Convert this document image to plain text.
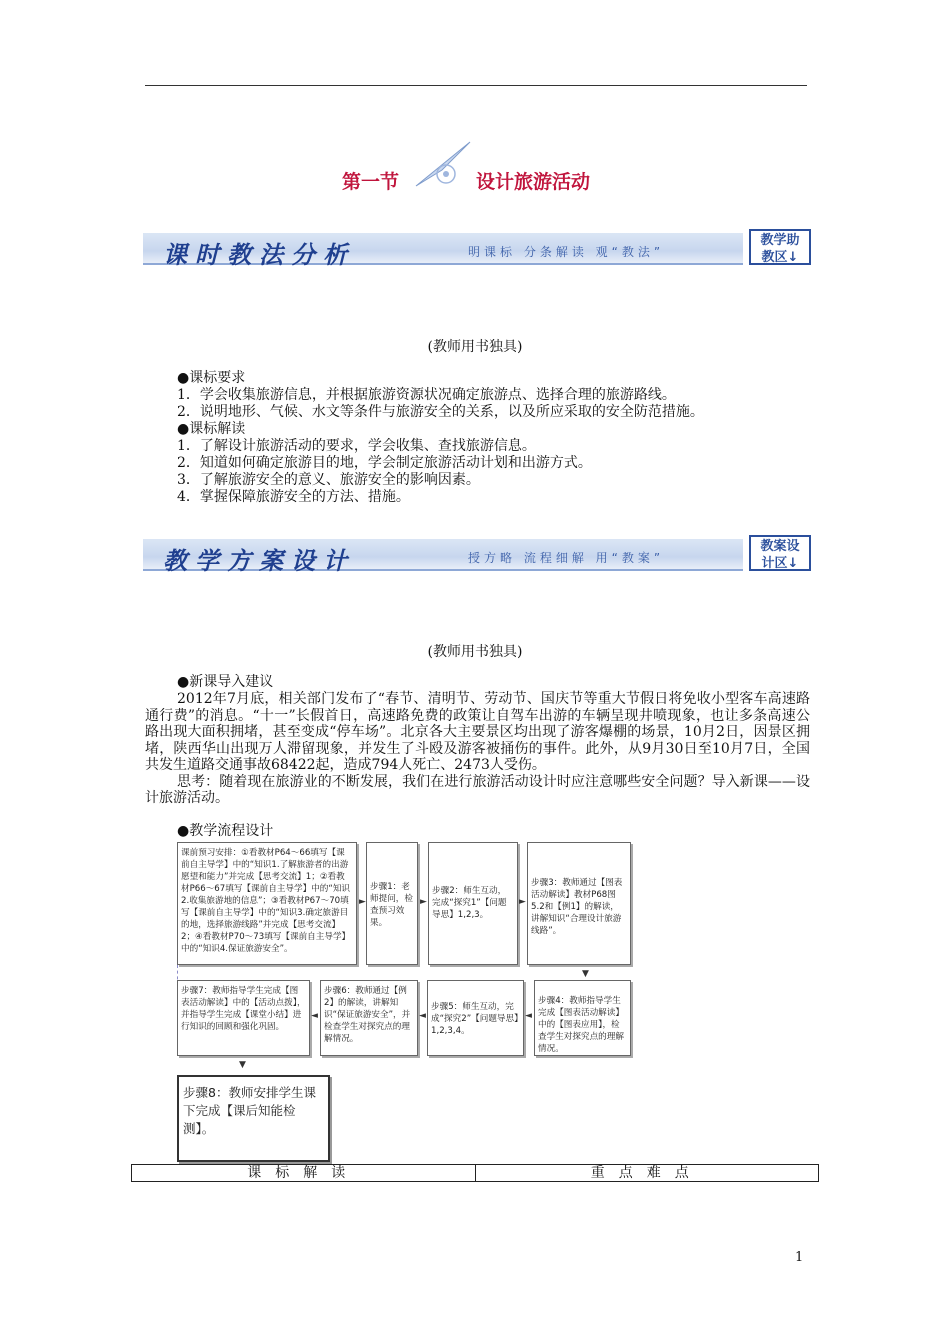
第一节	设计旅游活动
课时教法分析	明课标 分条解读 观“教法”
教学助
教区↓
(教师用书独具)
●课标要求
1．学会收集旅游信息，并根据旅游资源状况确定旅游点、选择合理的旅游路线。
2．说明地形、气候、水文等条件与旅游安全的关系，以及所应采取的安全防范措施。
●课标解读
1．了解设计旅游活动的要求，学会收集、查找旅游信息。
2．知道如何确定旅游目的地，学会制定旅游活动计划和出游方式。
3．了解旅游安全的意义、旅游安全的影响因素。
4．掌握保障旅游安全的方法、措施。
教学方案设计	授方略 流程细解 用“教案”
教案设
计区↓
(教师用书独具)
●新课导入建议

2012年7月底，相关部门发布了“春节、清明节、劳动节、国庆节等重大节假日将免收小型客车高速路通行费”的消息。“十一”长假首日，高速路免费的政策让自驾车出游的车辆呈现井喷现象，也让多条高速公路出现大面积拥堵，甚至变成“停车场”。北京各大主要景区均出现了游客爆棚的场景，10月2日，因景区拥堵，陕西华山出现万人滞留现象，并发生了斗殴及游客被捅伤的事件。此外，从9月30日至10月7日，全国共发生道路交通事故68422起，造成794人死亡、2473人受伤。

思考：随着现在旅游业的不断发展，我们在进行旅游活动设计时应注意哪些安全问题？导入新课——设计旅游活动。

●教学流程设计
课前预习安排：①看教材P64～66填写【课前自主导学】中的“知识1.了解旅游者的出游愿望和能力”并完成【思考交流】1；②看教材P66～67填写【课前自主导学】中的“知识2.收集旅游地的信息”；③看教材P67～70填写【课前自主导学】中的“知识3.确定旅游目的地，选择旅游线路”并完成【思考交流】2；④看教材P70～73填写【课前自主导学】中的“知识4.保证旅游安全”。
►
步骤1：老师提问，检查预习效果。
►
步骤2：师生互动，完成“探究1”【问题导思】1,2,3。
►
步骤3：教师通过【图表活动解读】教材P68图5.2和【例1】的解读，讲解知识“合理设计旅游线路”。
▼
步骤7：教师指导学生完成【图表活动解读】中的【活动点拨】，并指导学生完成【课堂小结】进行知识的回顾和强化巩固。
◄
步骤6：教师通过【例2】的解读，讲解知识“保证旅游安全”，并检查学生对探究点的理解情况。
◄
步骤5：师生互动，完成“探究2”【问题导思】1,2,3,4。
◄
步骤4：教师指导学生完成【图表活动解读】中的【图表应用】，检查学生对探究点的理解情况。
▼
步骤8：教师安排学生课下完成【课后知能检测】。
课标解读	重点难点
1
